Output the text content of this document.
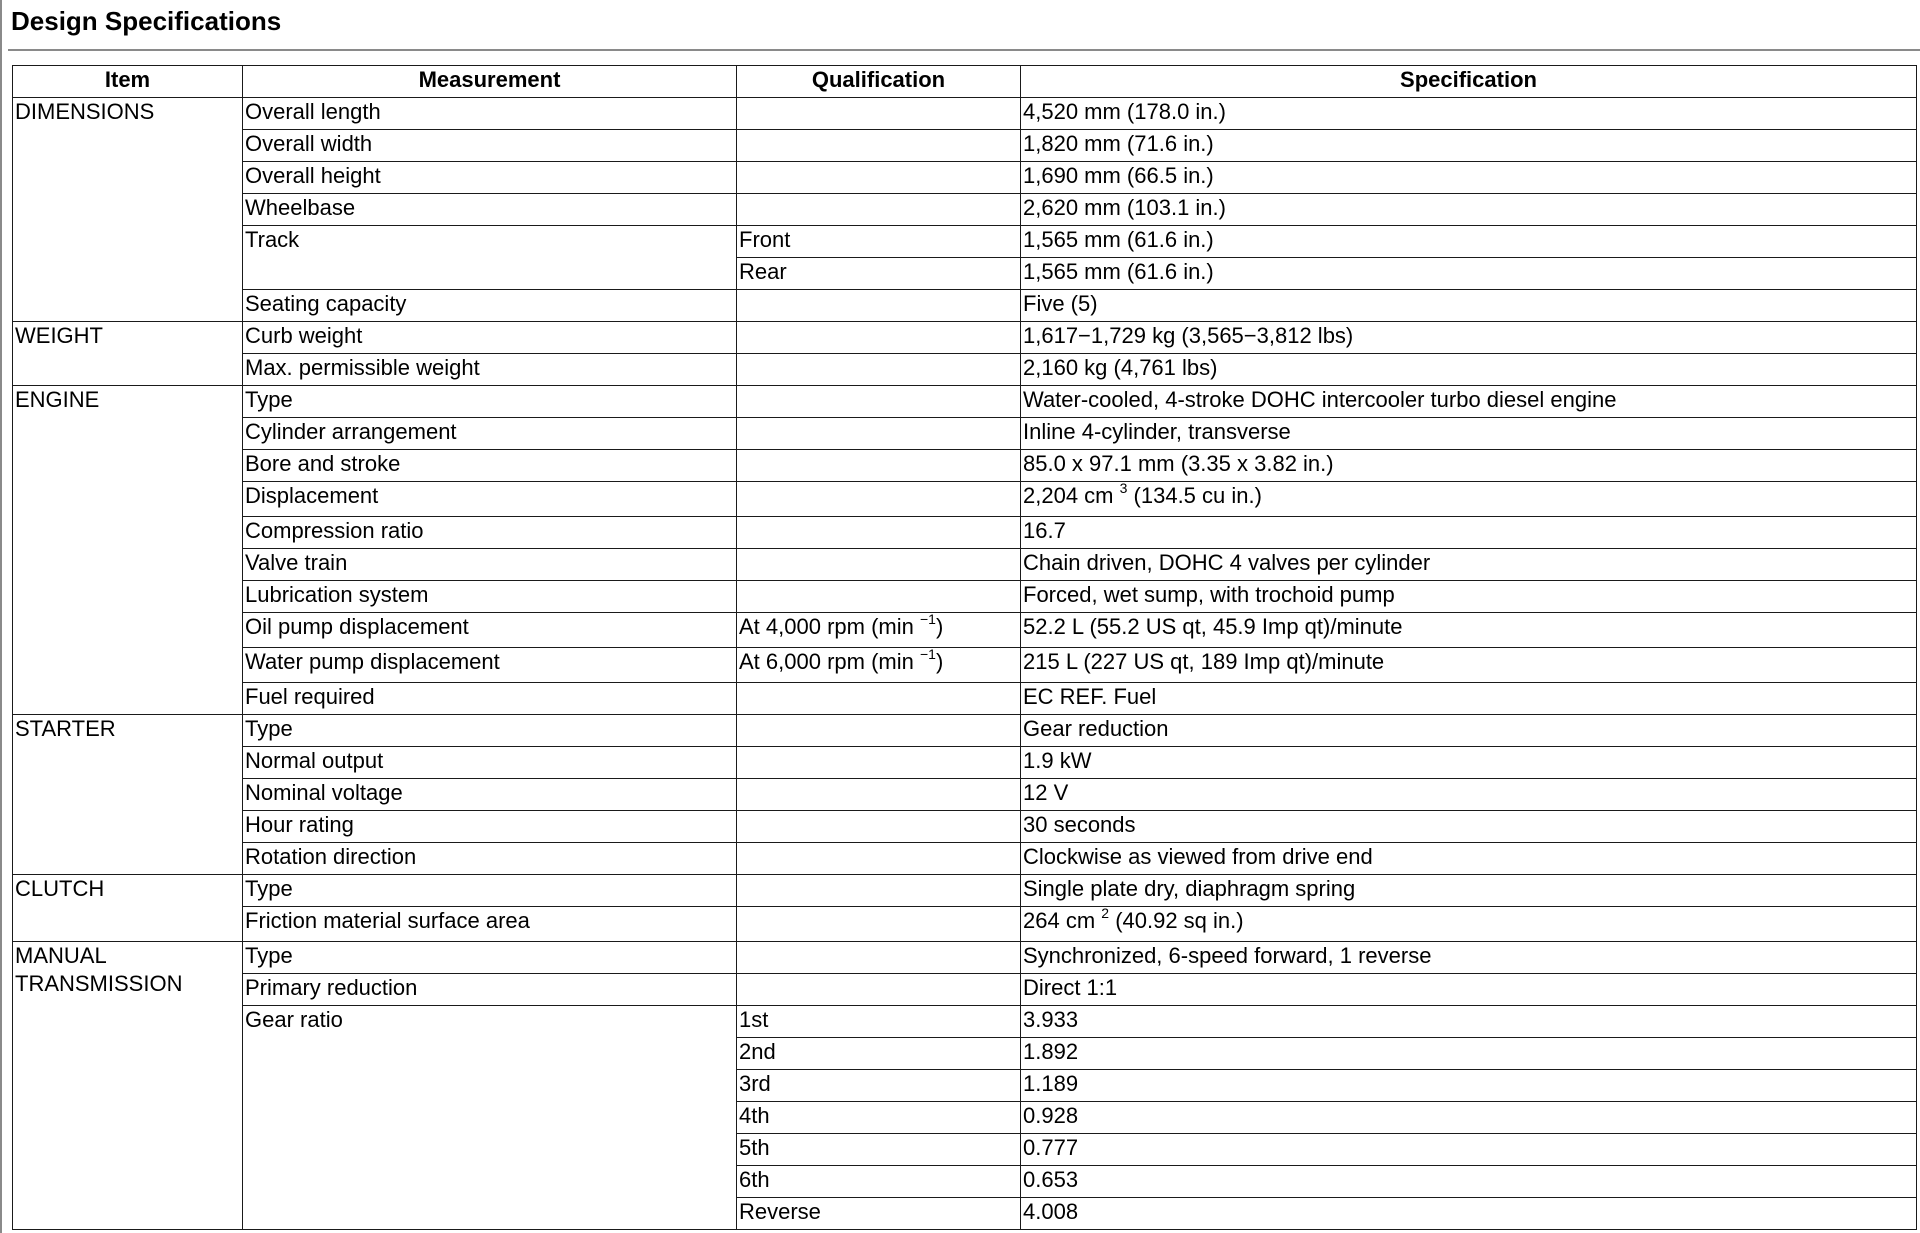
Design Specifications
Item	Measurement	Qualification	Specification
DIMENSIONS	Overall length		4,520 mm (178.0 in.)
	Overall width		1,820 mm (71.6 in.)
	Overall height		1,690 mm (66.5 in.)
	Wheelbase		2,620 mm (103.1 in.)
	Track	Front	1,565 mm (61.6 in.)
		Rear	1,565 mm (61.6 in.)
	Seating capacity		Five (5)
WEIGHT	Curb weight		1,617−1,729 kg (3,565−3,812 lbs)
	Max. permissible weight		2,160 kg (4,761 lbs)
ENGINE	Type		Water-cooled, 4-stroke DOHC intercooler turbo diesel engine
	Cylinder arrangement		Inline 4-cylinder, transverse
	Bore and stroke		85.0 x 97.1 mm (3.35 x 3.82 in.)
	Displacement		2,204 cm $^3$ (134.5 cu in.)
	Compression ratio		16.7
	Valve train		Chain driven, DOHC 4 valves per cylinder
	Lubrication system		Forced, wet sump, with trochoid pump
	Oil pump displacement	At 4,000 rpm (min $^{-1}$)	52.2 L (55.2 US qt, 45.9 Imp qt)/minute
	Water pump displacement	At 6,000 rpm (min $^{-1}$)	215 L (227 US qt, 189 Imp qt)/minute
	Fuel required		EC REF. Fuel
STARTER	Type		Gear reduction
	Normal output		1.9 kW
	Nominal voltage		12 V
	Hour rating		30 seconds
	Rotation direction		Clockwise as viewed from drive end
CLUTCH	Type		Single plate dry, diaphragm spring
	Friction material surface area		264 cm $^2$ (40.92 sq in.)
MANUAL
TRANSMISSION	Type		Synchronized, 6-speed forward, 1 reverse
	Primary reduction		Direct 1:1
	Gear ratio	1st	3.933
		2nd	1.892
		3rd	1.189
		4th	0.928
		5th	0.777
		6th	0.653
		Reverse	4.008
